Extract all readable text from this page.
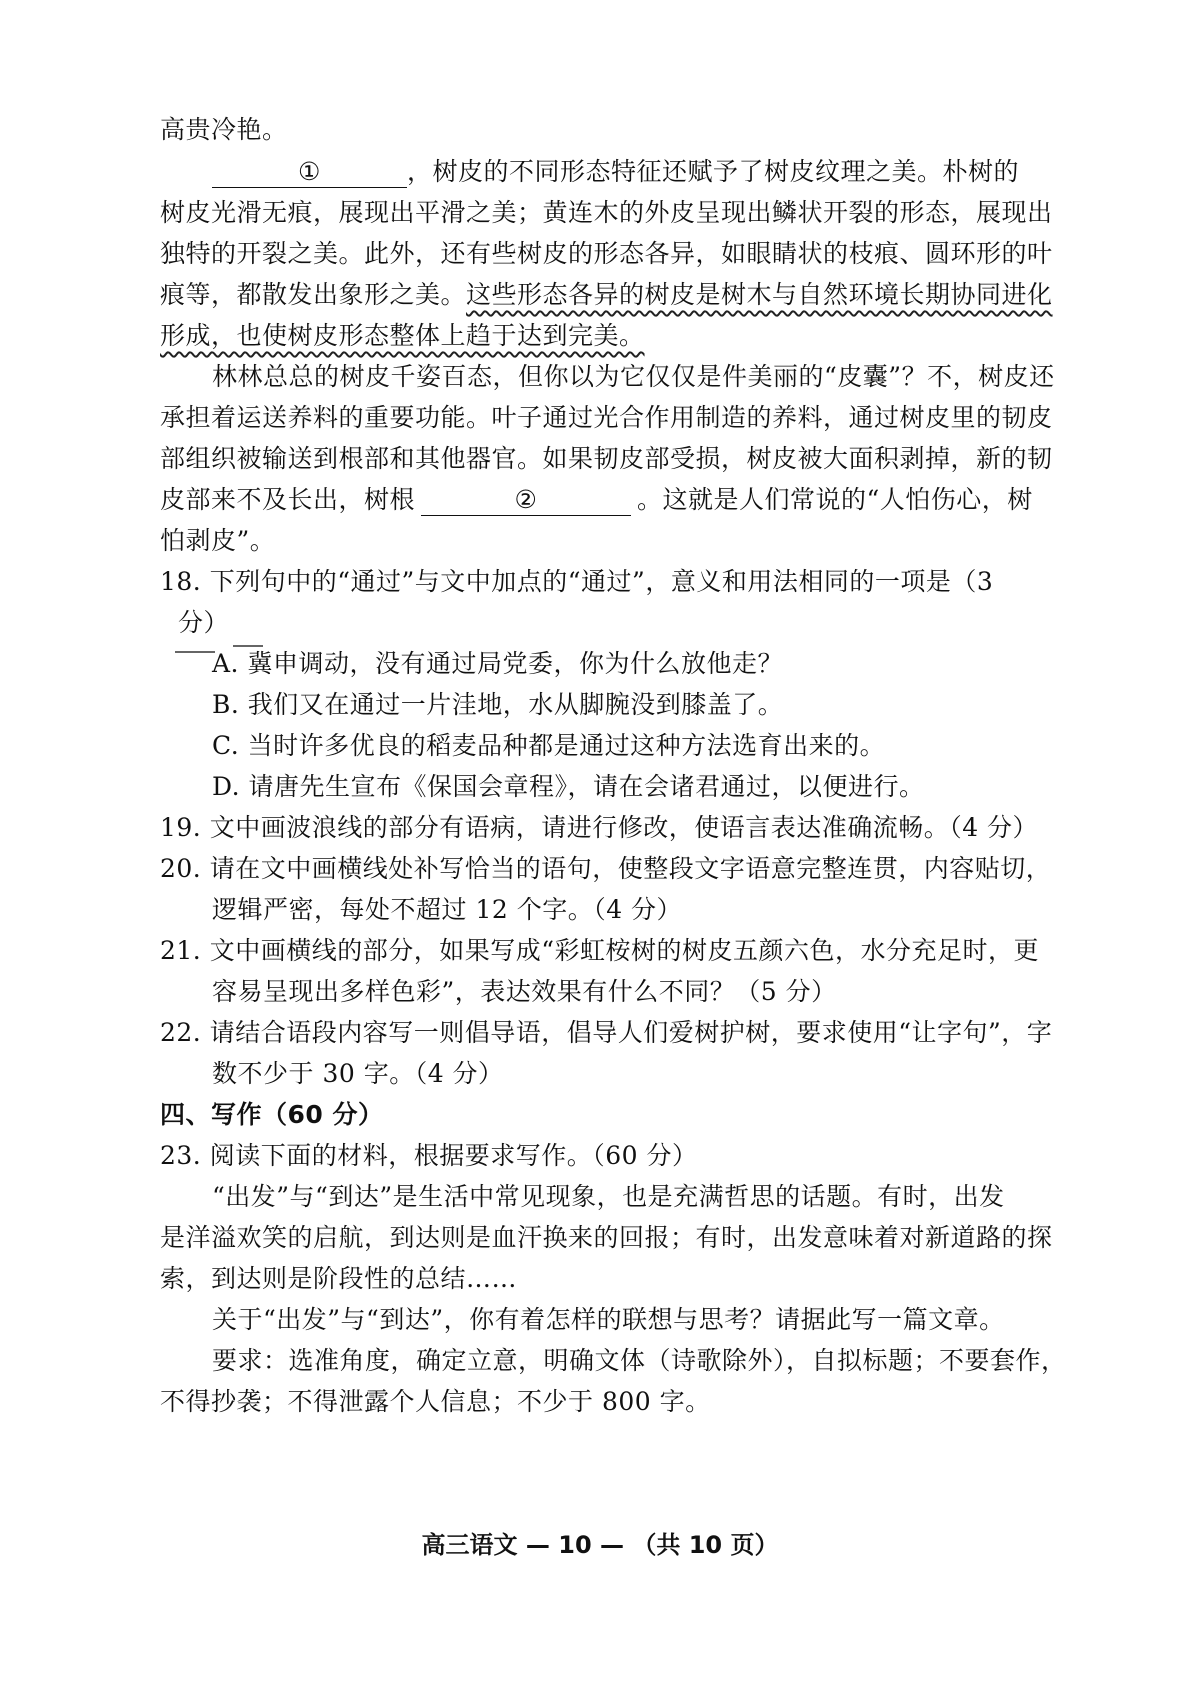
高贵冷艳。
①	，树皮的不同形态特征还赋予了树皮纹理之美。朴树的
树皮光滑无痕，展现出平滑之美；黄连木的外皮呈现出鳞状开裂的形态，展现出
独特的开裂之美。此外，还有些树皮的形态各异，如眼睛状的枝痕、圆环形的叶
痕等，都散发出象形之美。这些形态各异的树皮是树木与自然环境长期协同进化
形成，也使树皮形态整体上趋于达到完美。
林林总总的树皮千姿百态，但你以为它仅仅是件美丽的“皮囊”？不，树皮还
承担着运送养料的重要功能。叶子通过光合作用制造的养料，通过树皮里的韧皮
部组织被输送到根部和其他器官。如果韧皮部受损，树皮被大面积剥掉，新的韧
皮部来不及长出，树根	②	。这就是人们常说的“人怕伤心，树
怕剥皮”。
18. 下列句中的“通过”与文中加点的“通过”，意义和用法相同的一项是（3
分）
A. 冀申调动，没有通过局党委，你为什么放他走？
B. 我们又在通过一片洼地，水从脚腕没到膝盖了。
C. 当时许多优良的稻麦品种都是通过这种方法选育出来的。
D. 请唐先生宣布《保国会章程》，请在会诸君通过，以便进行。
19. 文中画波浪线的部分有语病，请进行修改，使语言表达准确流畅。（4 分）
20. 请在文中画横线处补写恰当的语句，使整段文字语意完整连贯，内容贴切，
逻辑严密，每处不超过 12 个字。（4 分）
21. 文中画横线的部分，如果写成“彩虹桉树的树皮五颜六色，水分充足时，更
容易呈现出多样色彩”，表达效果有什么不同？（5 分）
22. 请结合语段内容写一则倡导语，倡导人们爱树护树，要求使用“让字句”，字
数不少于 30 字。（4 分）
四、写作（60 分）
23. 阅读下面的材料，根据要求写作。（60 分）
“出发”与“到达”是生活中常见现象，也是充满哲思的话题。有时，出发
是洋溢欢笑的启航，到达则是血汗换来的回报；有时，出发意味着对新道路的探
索，到达则是阶段性的总结……
关于“出发”与“到达”，你有着怎样的联想与思考？请据此写一篇文章。
要求：选准角度，确定立意，明确文体（诗歌除外），自拟标题；不要套作，
不得抄袭；不得泄露个人信息；不少于 800 字。
高三语文 — 10 — （共 10 页）
